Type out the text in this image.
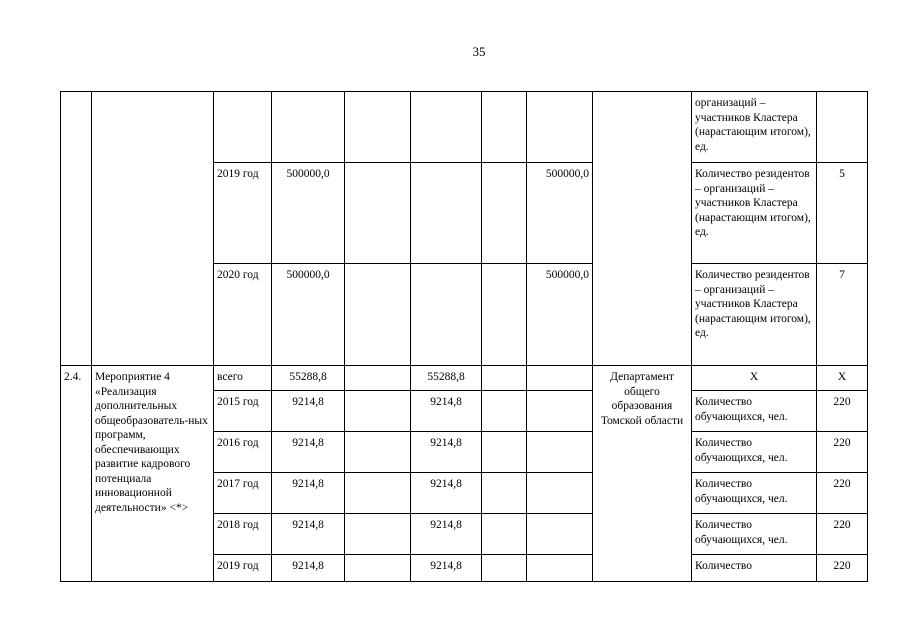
35
									организаций – участников Кластера (нарастающим итогом), ед.	
		2019 год	500000,0				500000,0		Количество резидентов – организаций – участников Кластера (нарастающим итогом), ед.	5
		2020 год	500000,0				500000,0		Количество резидентов – организаций – участников Кластера (нарастающим итогом), ед.	7
2.4.	Мероприятие 4 «Реализация дополнительных общеобразователь-ных программ, обеспечивающих развитие кадрового потенциала инновационной деятельности» <*>	всего	55288,8		55288,8			Департамент общего образования Томской области	Х	Х
		2015 год	9214,8		9214,8				Количество обучающихся, чел.	220
		2016 год	9214,8		9214,8				Количество обучающихся, чел.	220
		2017 год	9214,8		9214,8				Количество обучающихся, чел.	220
		2018 год	9214,8		9214,8				Количество обучающихся, чел.	220
		2019 год	9214,8		9214,8				Количество	220
